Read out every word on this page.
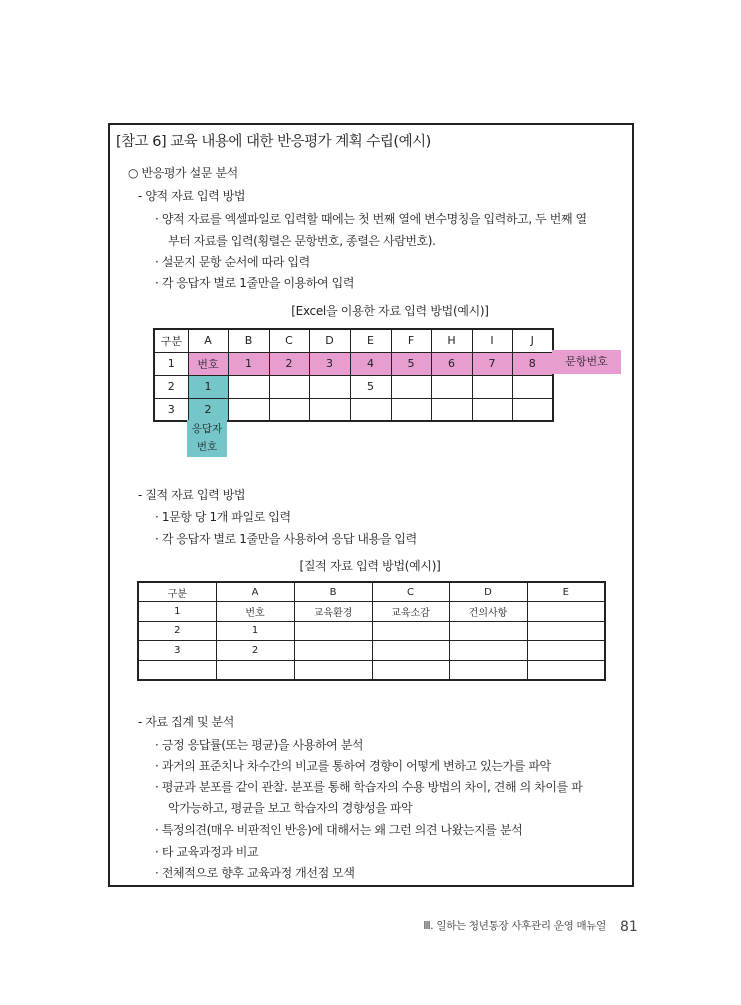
[참고 6] 교육 내용에 대한 반응평가 계획 수립(예시)
○ 반응평가 설문 분석
- 양적 자료 입력 방법
· 양적 자료를 엑셀파일로 입력할 때에는 첫 번째 열에 변수명칭을 입력하고, 두 번째 열
부터 자료를 입력(횡렬은 문항번호, 종렬은 사람번호).
· 설문지 문항 순서에 따라 입력
· 각 응답자 별로 1줄만을 이용하여 입력
[Excel을 이용한 자료 입력 방법(예시)]
구분	A	B	C	D	E	F	H	I	J
1	번호	1	2	3	4	5	6	7	8
2	1				5				
3	2								
문항번호
응답자
번호
- 질적 자료 입력 방법
· 1문항 당 1개 파일로 입력
· 각 응답자 별로 1줄만을 사용하여 응답 내용을 입력
[질적 자료 입력 방법(예시)]
구분	A	B	C	D	E
1	번호	교육환경	교육소감	건의사항	
2	1				
3	2				

- 자료 집계 및 분석
· 긍정 응답률(또는 평균)을 사용하여 분석
· 과거의 표준치나 차수간의 비교를 통하여 경향이 어떻게 변하고 있는가를 파악
· 평균과 분포를 같이 관찰. 분포를 통해 학습자의 수용 방법의 차이, 견해 의 차이를 파
악가능하고, 평균을 보고 학습자의 경향성을 파악
· 특정의견(매우 비판적인 반응)에 대해서는 왜 그런 의견 나왔는지를 분석
· 타 교육과정과 비교
· 전체적으로 향후 교육과정 개선점 모색
Ⅲ. 일하는 청년통장 사후관리 운영 매뉴얼 81
